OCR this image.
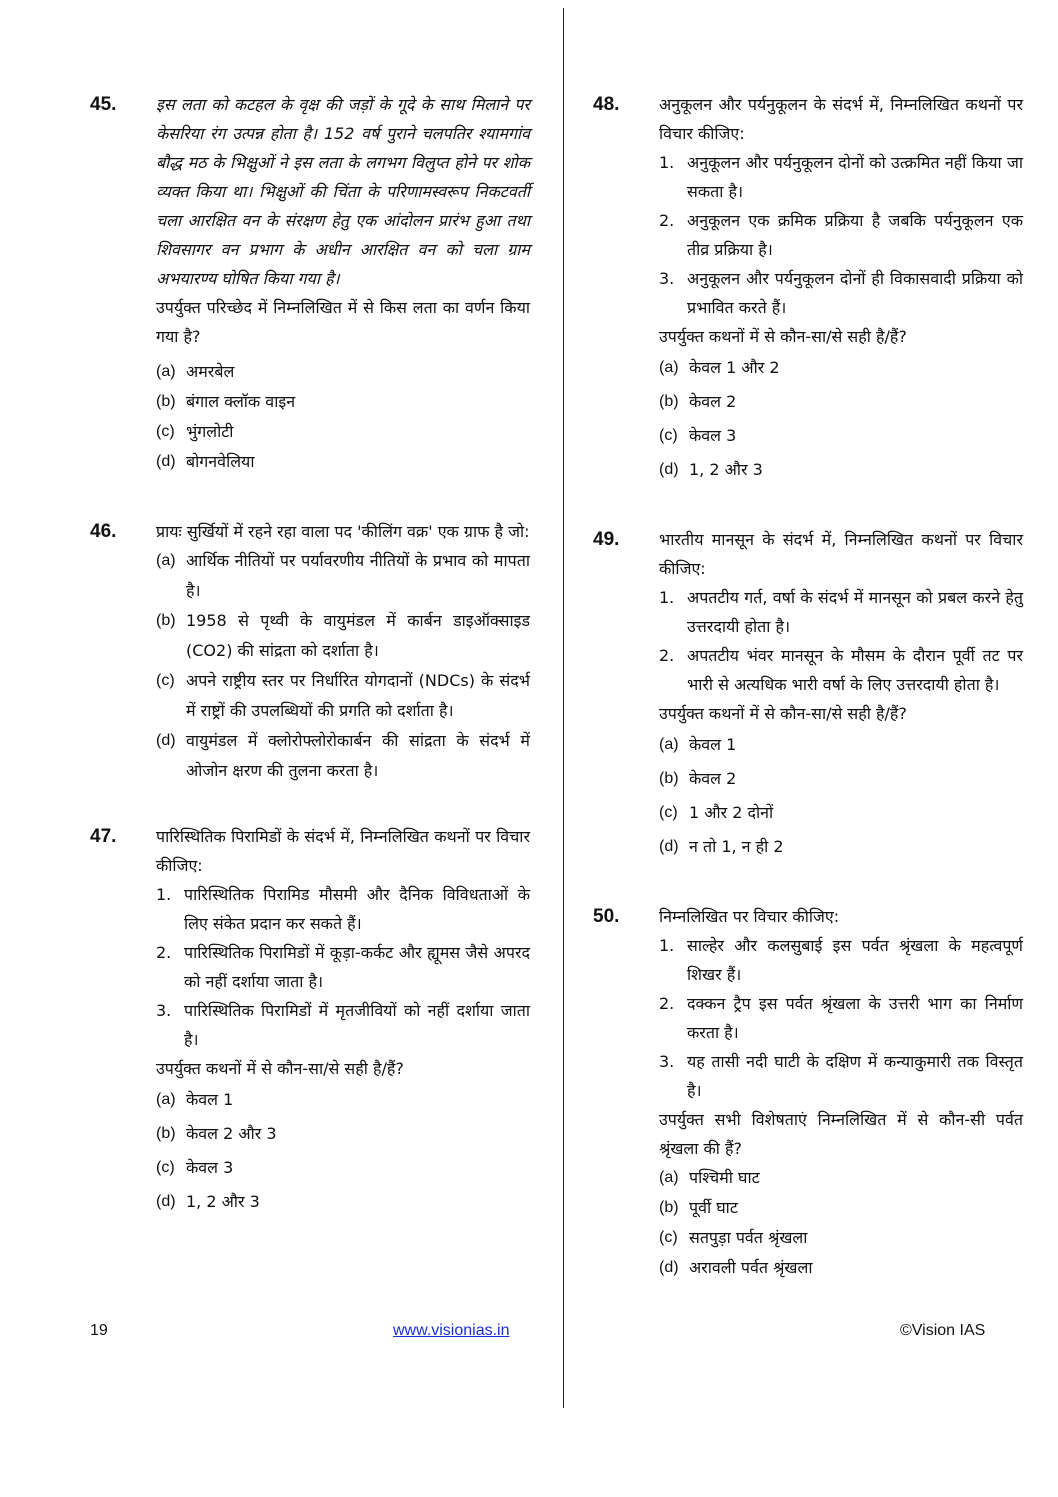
45. इस लता को कटहल के वृक्ष की जड़ों के गूदे के साथ मिलाने पर केसरिया रंग उत्पन्न होता है। 152 वर्ष पुराने चलपतिर श्यामगांव बौद्ध मठ के भिक्षुओं ने इस लता के लगभग विलुप्त होने पर शोक व्यक्त किया था। भिक्षुओं की चिंता के परिणामस्वरूप निकटवर्ती चला आरक्षित वन के संरक्षण हेतु एक आंदोलन प्रारंभ हुआ तथा शिवसागर वन प्रभाग के अधीन आरक्षित वन को चला ग्राम अभयारण्य घोषित किया गया है।
उपर्युक्त परिच्छेद में निम्नलिखित में से किस लता का वर्णन किया गया है?
(a) अमरबेल
(b) बंगाल क्लॉक वाइन
(c) भुंगलोटी
(d) बोगनवेलिया
46. प्रायः सुर्खियों में रहने रहा वाला पद 'कीलिंग वक्र' एक ग्राफ है जो:
(a) आर्थिक नीतियों पर पर्यावरणीय नीतियों के प्रभाव को मापता है।
(b) 1958 से पृथ्वी के वायुमंडल में कार्बन डाइऑक्साइड (CO2) की सांद्रता को दर्शाता है।
(c) अपने राष्ट्रीय स्तर पर निर्धारित योगदानों (NDCs) के संदर्भ में राष्ट्रों की उपलब्धियों की प्रगति को दर्शाता है।
(d) वायुमंडल में क्लोरोफ्लोरोकार्बन की सांद्रता के संदर्भ में ओजोन क्षरण की तुलना करता है।
47. पारिस्थितिक पिरामिडों के संदर्भ में, निम्नलिखित कथनों पर विचार कीजिए:
1. पारिस्थितिक पिरामिड मौसमी और दैनिक विविधताओं के लिए संकेत प्रदान कर सकते हैं।
2. पारिस्थितिक पिरामिडों में कूड़ा-कर्कट और ह्यूमस जैसे अपरद को नहीं दर्शाया जाता है।
3. पारिस्थितिक पिरामिडों में मृतजीवियों को नहीं दर्शाया जाता है।
उपर्युक्त कथनों में से कौन-सा/से सही है/हैं?
(a) केवल 1
(b) केवल 2 और 3
(c) केवल 3
(d) 1, 2 और 3
48. अनुकूलन और पर्यनुकूलन के संदर्भ में, निम्नलिखित कथनों पर विचार कीजिए:
1. अनुकूलन और पर्यनुकूलन दोनों को उत्क्रमित नहीं किया जा सकता है।
2. अनुकूलन एक क्रमिक प्रक्रिया है जबकि पर्यनुकूलन एक तीव्र प्रक्रिया है।
3. अनुकूलन और पर्यनुकूलन दोनों ही विकासवादी प्रक्रिया को प्रभावित करते हैं।
उपर्युक्त कथनों में से कौन-सा/से सही है/हैं?
(a) केवल 1 और 2
(b) केवल 2
(c) केवल 3
(d) 1, 2 और 3
49. भारतीय मानसून के संदर्भ में, निम्नलिखित कथनों पर विचार कीजिए:
1. अपतटीय गर्त, वर्षा के संदर्भ में मानसून को प्रबल करने हेतु उत्तरदायी होता है।
2. अपतटीय भंवर मानसून के मौसम के दौरान पूर्वी तट पर भारी से अत्यधिक भारी वर्षा के लिए उत्तरदायी होता है।
उपर्युक्त कथनों में से कौन-सा/से सही है/हैं?
(a) केवल 1
(b) केवल 2
(c) 1 और 2 दोनों
(d) न तो 1, न ही 2
50. निम्नलिखित पर विचार कीजिए:
1. साल्हेर और कलसुबाई इस पर्वत श्रृंखला के महत्वपूर्ण शिखर हैं।
2. दक्कन ट्रैप इस पर्वत श्रृंखला के उत्तरी भाग का निर्माण करता है।
3. यह तासी नदी घाटी के दक्षिण में कन्याकुमारी तक विस्तृत है।
उपर्युक्त सभी विशेषताएं निम्नलिखित में से कौन-सी पर्वत श्रृंखला की हैं?
(a) पश्चिमी घाट
(b) पूर्वी घाट
(c) सतपुड़ा पर्वत श्रृंखला
(d) अरावली पर्वत श्रृंखला
19	www.visionias.in	©Vision IAS
